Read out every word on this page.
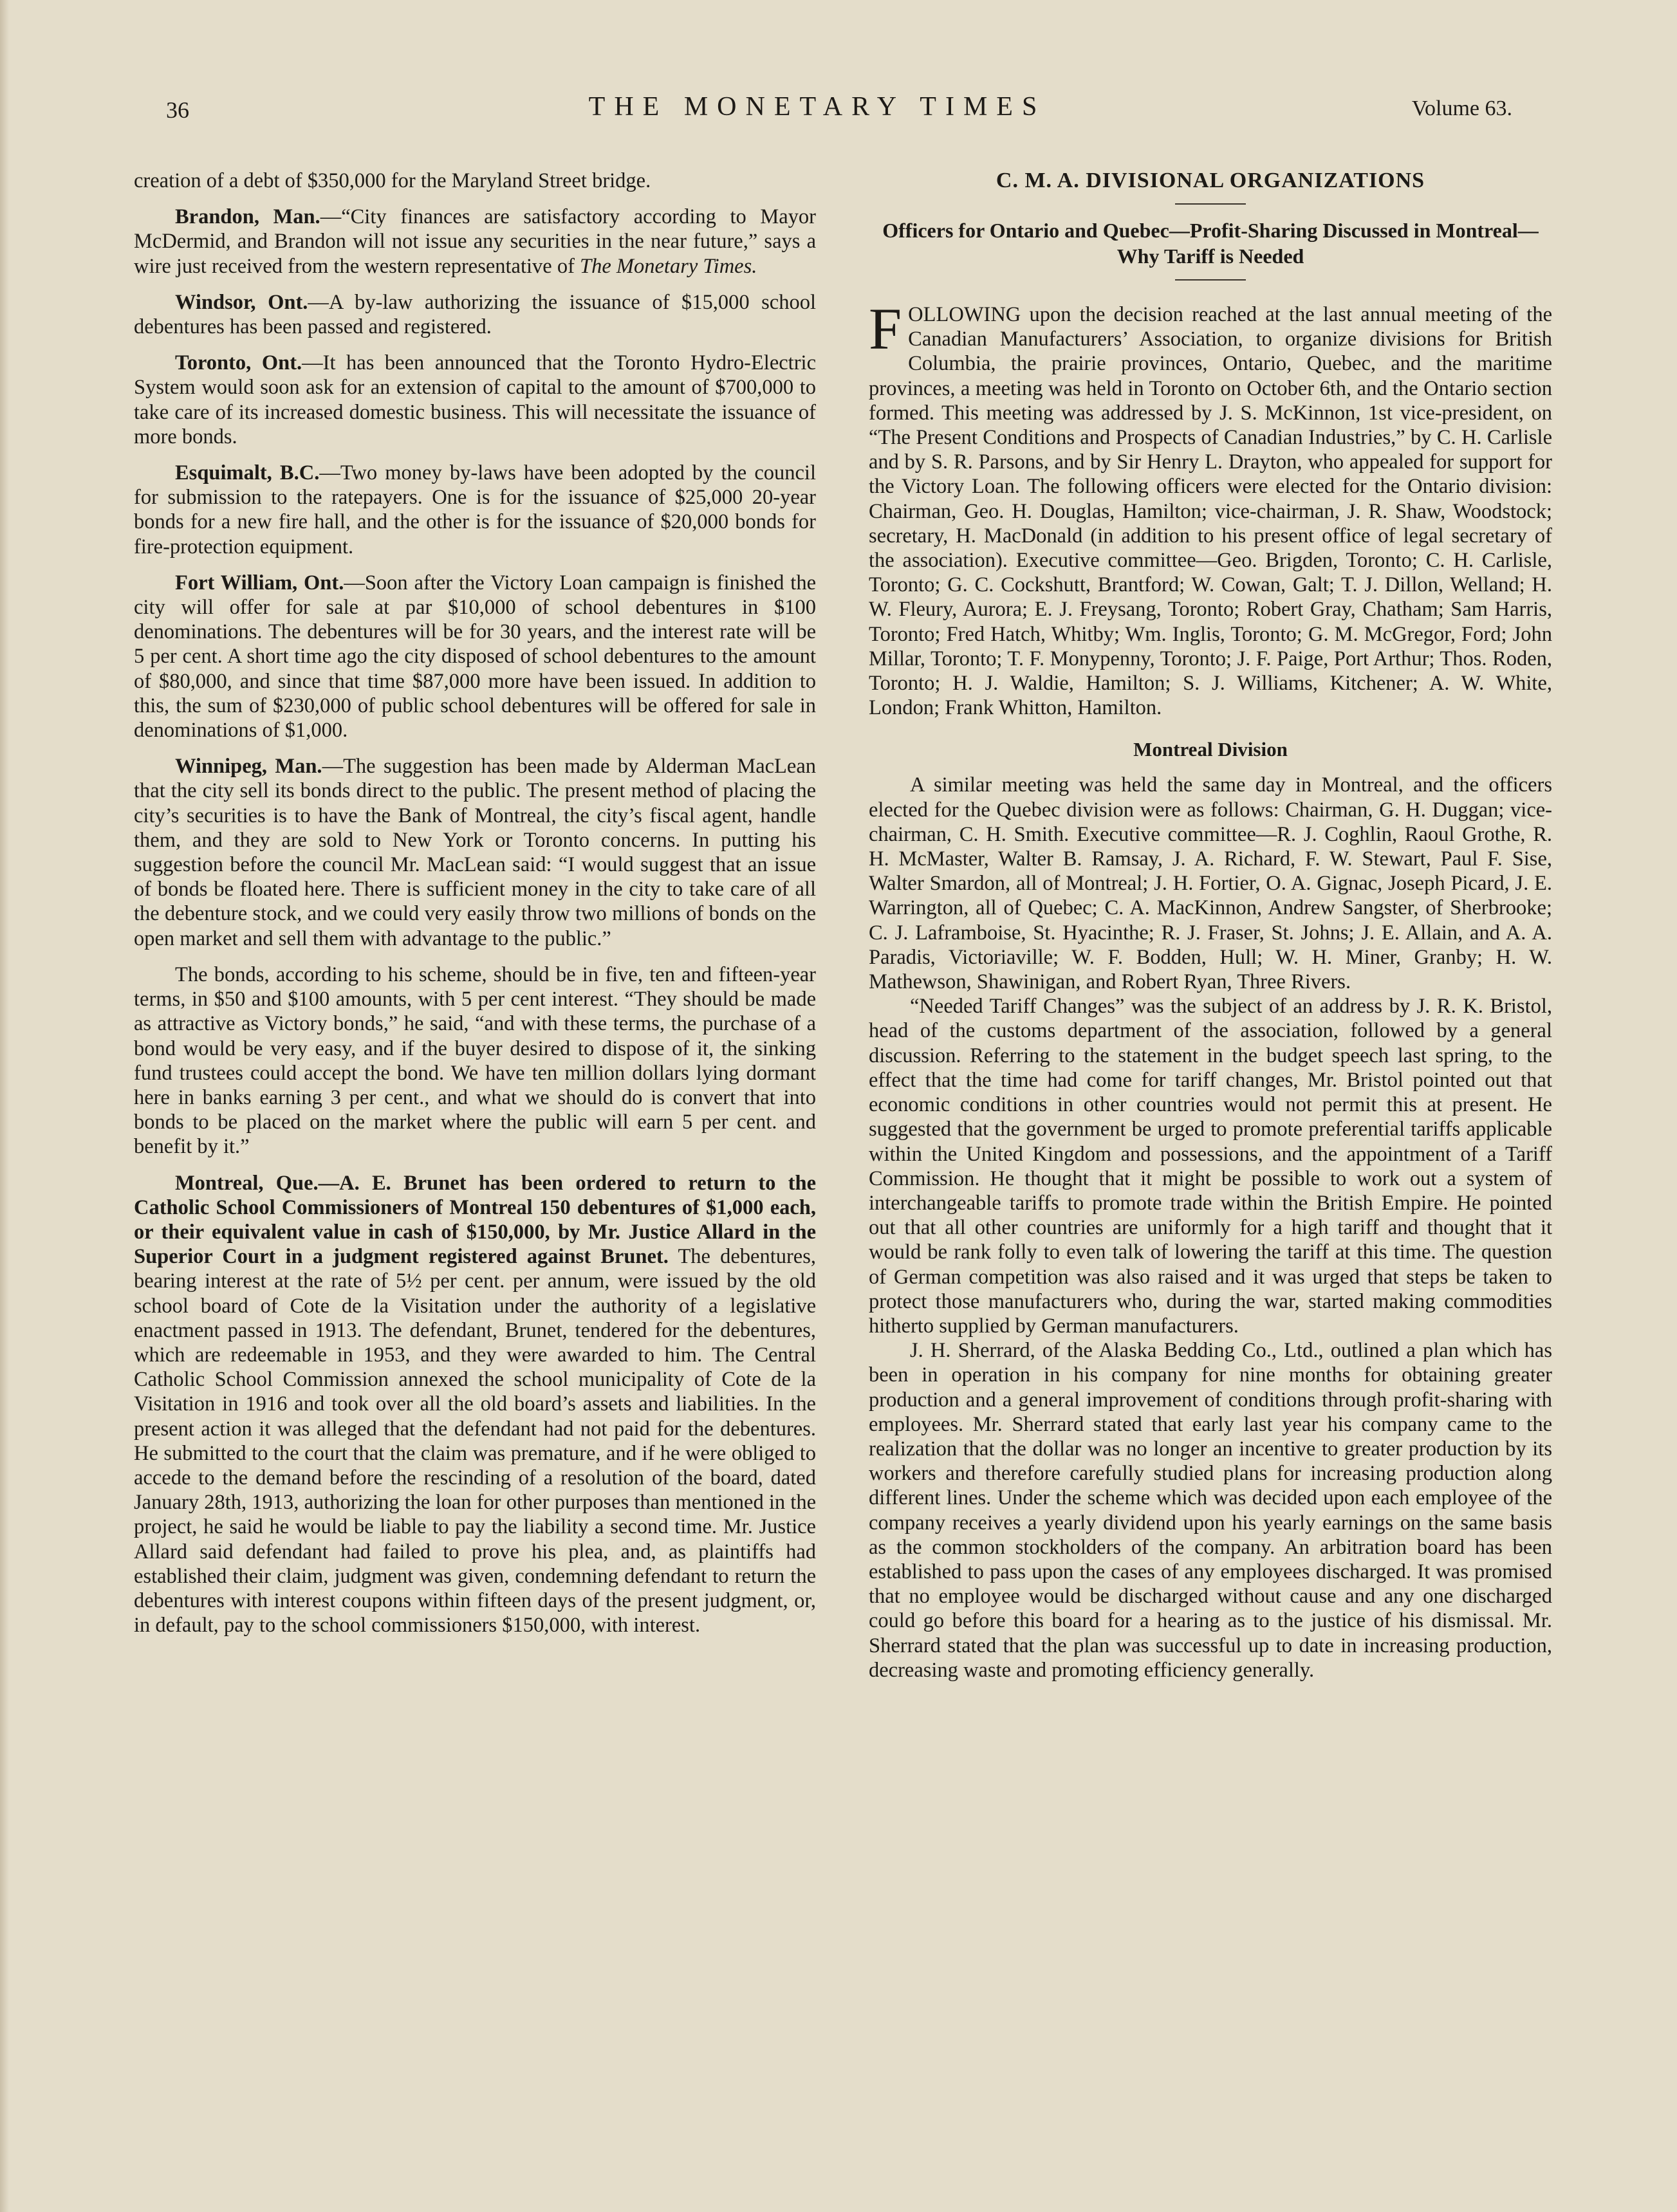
36	THE MONETARY TIMES	Volume 63.

creation of a debt of $350,000 for the Maryland Street bridge.

Brandon, Man.—“City finances are satisfactory according to Mayor McDermid, and Brandon will not issue any securities in the near future,” says a wire just received from the western representative of The Monetary Times.

Windsor, Ont.—A by-law authorizing the issuance of $15,000 school debentures has been passed and registered.

Toronto, Ont.—It has been announced that the Toronto Hydro-Electric System would soon ask for an extension of capital to the amount of $700,000 to take care of its increased domestic business. This will necessitate the issuance of more bonds.

Esquimalt, B.C.—Two money by-laws have been adopted by the council for submission to the ratepayers. One is for the issuance of $25,000 20-year bonds for a new fire hall, and the other is for the issuance of $20,000 bonds for fire-protection equipment.

Fort William, Ont.—Soon after the Victory Loan campaign is finished the city will offer for sale at par $10,000 of school debentures in $100 denominations. The debentures will be for 30 years, and the interest rate will be 5 per cent. A short time ago the city disposed of school debentures to the amount of $80,000, and since that time $87,000 more have been issued. In addition to this, the sum of $230,000 of public school debentures will be offered for sale in denominations of $1,000.

Winnipeg, Man.—The suggestion has been made by Alderman MacLean that the city sell its bonds direct to the public. The present method of placing the city’s securities is to have the Bank of Montreal, the city’s fiscal agent, handle them, and they are sold to New York or Toronto concerns. In putting his suggestion before the council Mr. MacLean said: “I would suggest that an issue of bonds be floated here. There is sufficient money in the city to take care of all the debenture stock, and we could very easily throw two millions of bonds on the open market and sell them with advantage to the public.”

The bonds, according to his scheme, should be in five, ten and fifteen-year terms, in $50 and $100 amounts, with 5 per cent interest. “They should be made as attractive as Victory bonds,” he said, “and with these terms, the purchase of a bond would be very easy, and if the buyer desired to dispose of it, the sinking fund trustees could accept the bond. We have ten million dollars lying dormant here in banks earning 3 per cent., and what we should do is convert that into bonds to be placed on the market where the public will earn 5 per cent. and benefit by it.”

Montreal, Que.—A. E. Brunet has been ordered to return to the Catholic School Commissioners of Montreal 150 debentures of $1,000 each, or their equivalent value in cash of $150,000, by Mr. Justice Allard in the Superior Court in a judgment registered against Brunet. The debentures, bearing interest at the rate of 5½ per cent. per annum, were issued by the old school board of Cote de la Visitation under the authority of a legislative enactment passed in 1913. The defendant, Brunet, tendered for the debentures, which are redeemable in 1953, and they were awarded to him. The Central Catholic School Commission annexed the school municipality of Cote de la Visitation in 1916 and took over all the old board’s assets and liabilities. In the present action it was alleged that the defendant had not paid for the debentures. He submitted to the court that the claim was premature, and if he were obliged to accede to the demand before the rescinding of a resolution of the board, dated January 28th, 1913, authorizing the loan for other purposes than mentioned in the project, he said he would be liable to pay the liability a second time. Mr. Justice Allard said defendant had failed to prove his plea, and, as plaintiffs had established their claim, judgment was given, condemning defendant to return the debentures with interest coupons within fifteen days of the present judgment, or, in default, pay to the school commissioners $150,000, with interest.

C. M. A. DIVISIONAL ORGANIZATIONS
Officers for Ontario and Quebec—Profit-Sharing Discussed in Montreal—Why Tariff is Needed

FOLLOWING upon the decision reached at the last annual meeting of the Canadian Manufacturers’ Association, to organize divisions for British Columbia, the prairie provinces, Ontario, Quebec, and the maritime provinces, a meeting was held in Toronto on October 6th, and the Ontario section formed. This meeting was addressed by J. S. McKinnon, 1st vice-president, on “The Present Conditions and Prospects of Canadian Industries,” by C. H. Carlisle and by S. R. Parsons, and by Sir Henry L. Drayton, who appealed for support for the Victory Loan. The following officers were elected for the Ontario division: Chairman, Geo. H. Douglas, Hamilton; vice-chairman, J. R. Shaw, Woodstock; secretary, H. MacDonald (in addition to his present office of legal secretary of the association). Executive committee—Geo. Brigden, Toronto; C. H. Carlisle, Toronto; G. C. Cockshutt, Brantford; W. Cowan, Galt; T. J. Dillon, Welland; H. W. Fleury, Aurora; E. J. Freysang, Toronto; Robert Gray, Chatham; Sam Harris, Toronto; Fred Hatch, Whitby; Wm. Inglis, Toronto; G. M. McGregor, Ford; John Millar, Toronto; T. F. Monypenny, Toronto; J. F. Paige, Port Arthur; Thos. Roden, Toronto; H. J. Waldie, Hamilton; S. J. Williams, Kitchener; A. W. White, London; Frank Whitton, Hamilton.

Montreal Division

A similar meeting was held the same day in Montreal, and the officers elected for the Quebec division were as follows: Chairman, G. H. Duggan; vice-chairman, C. H. Smith. Executive committee—R. J. Coghlin, Raoul Grothe, R. H. McMaster, Walter B. Ramsay, J. A. Richard, F. W. Stewart, Paul F. Sise, Walter Smardon, all of Montreal; J. H. Fortier, O. A. Gignac, Joseph Picard, J. E. Warrington, all of Quebec; C. A. MacKinnon, Andrew Sangster, of Sherbrooke; C. J. Laframboise, St. Hyacinthe; R. J. Fraser, St. Johns; J. E. Allain, and A. A. Paradis, Victoriaville; W. F. Bodden, Hull; W. H. Miner, Granby; H. W. Mathewson, Shawinigan, and Robert Ryan, Three Rivers.

“Needed Tariff Changes” was the subject of an address by J. R. K. Bristol, head of the customs department of the association, followed by a general discussion. Referring to the statement in the budget speech last spring, to the effect that the time had come for tariff changes, Mr. Bristol pointed out that economic conditions in other countries would not permit this at present. He suggested that the government be urged to promote preferential tariffs applicable within the United Kingdom and possessions, and the appointment of a Tariff Commission. He thought that it might be possible to work out a system of interchangeable tariffs to promote trade within the British Empire. He pointed out that all other countries are uniformly for a high tariff and thought that it would be rank folly to even talk of lowering the tariff at this time. The question of German competition was also raised and it was urged that steps be taken to protect those manufacturers who, during the war, started making commodities hitherto supplied by German manufacturers.

J. H. Sherrard, of the Alaska Bedding Co., Ltd., outlined a plan which has been in operation in his company for nine months for obtaining greater production and a general improvement of conditions through profit-sharing with employees. Mr. Sherrard stated that early last year his company came to the realization that the dollar was no longer an incentive to greater production by its workers and therefore carefully studied plans for increasing production along different lines. Under the scheme which was decided upon each employee of the company receives a yearly dividend upon his yearly earnings on the same basis as the common stockholders of the company. An arbitration board has been established to pass upon the cases of any employees discharged. It was promised that no employee would be discharged without cause and any one discharged could go before this board for a hearing as to the justice of his dismissal. Mr. Sherrard stated that the plan was successful up to date in increasing production, decreasing waste and promoting efficiency generally.
